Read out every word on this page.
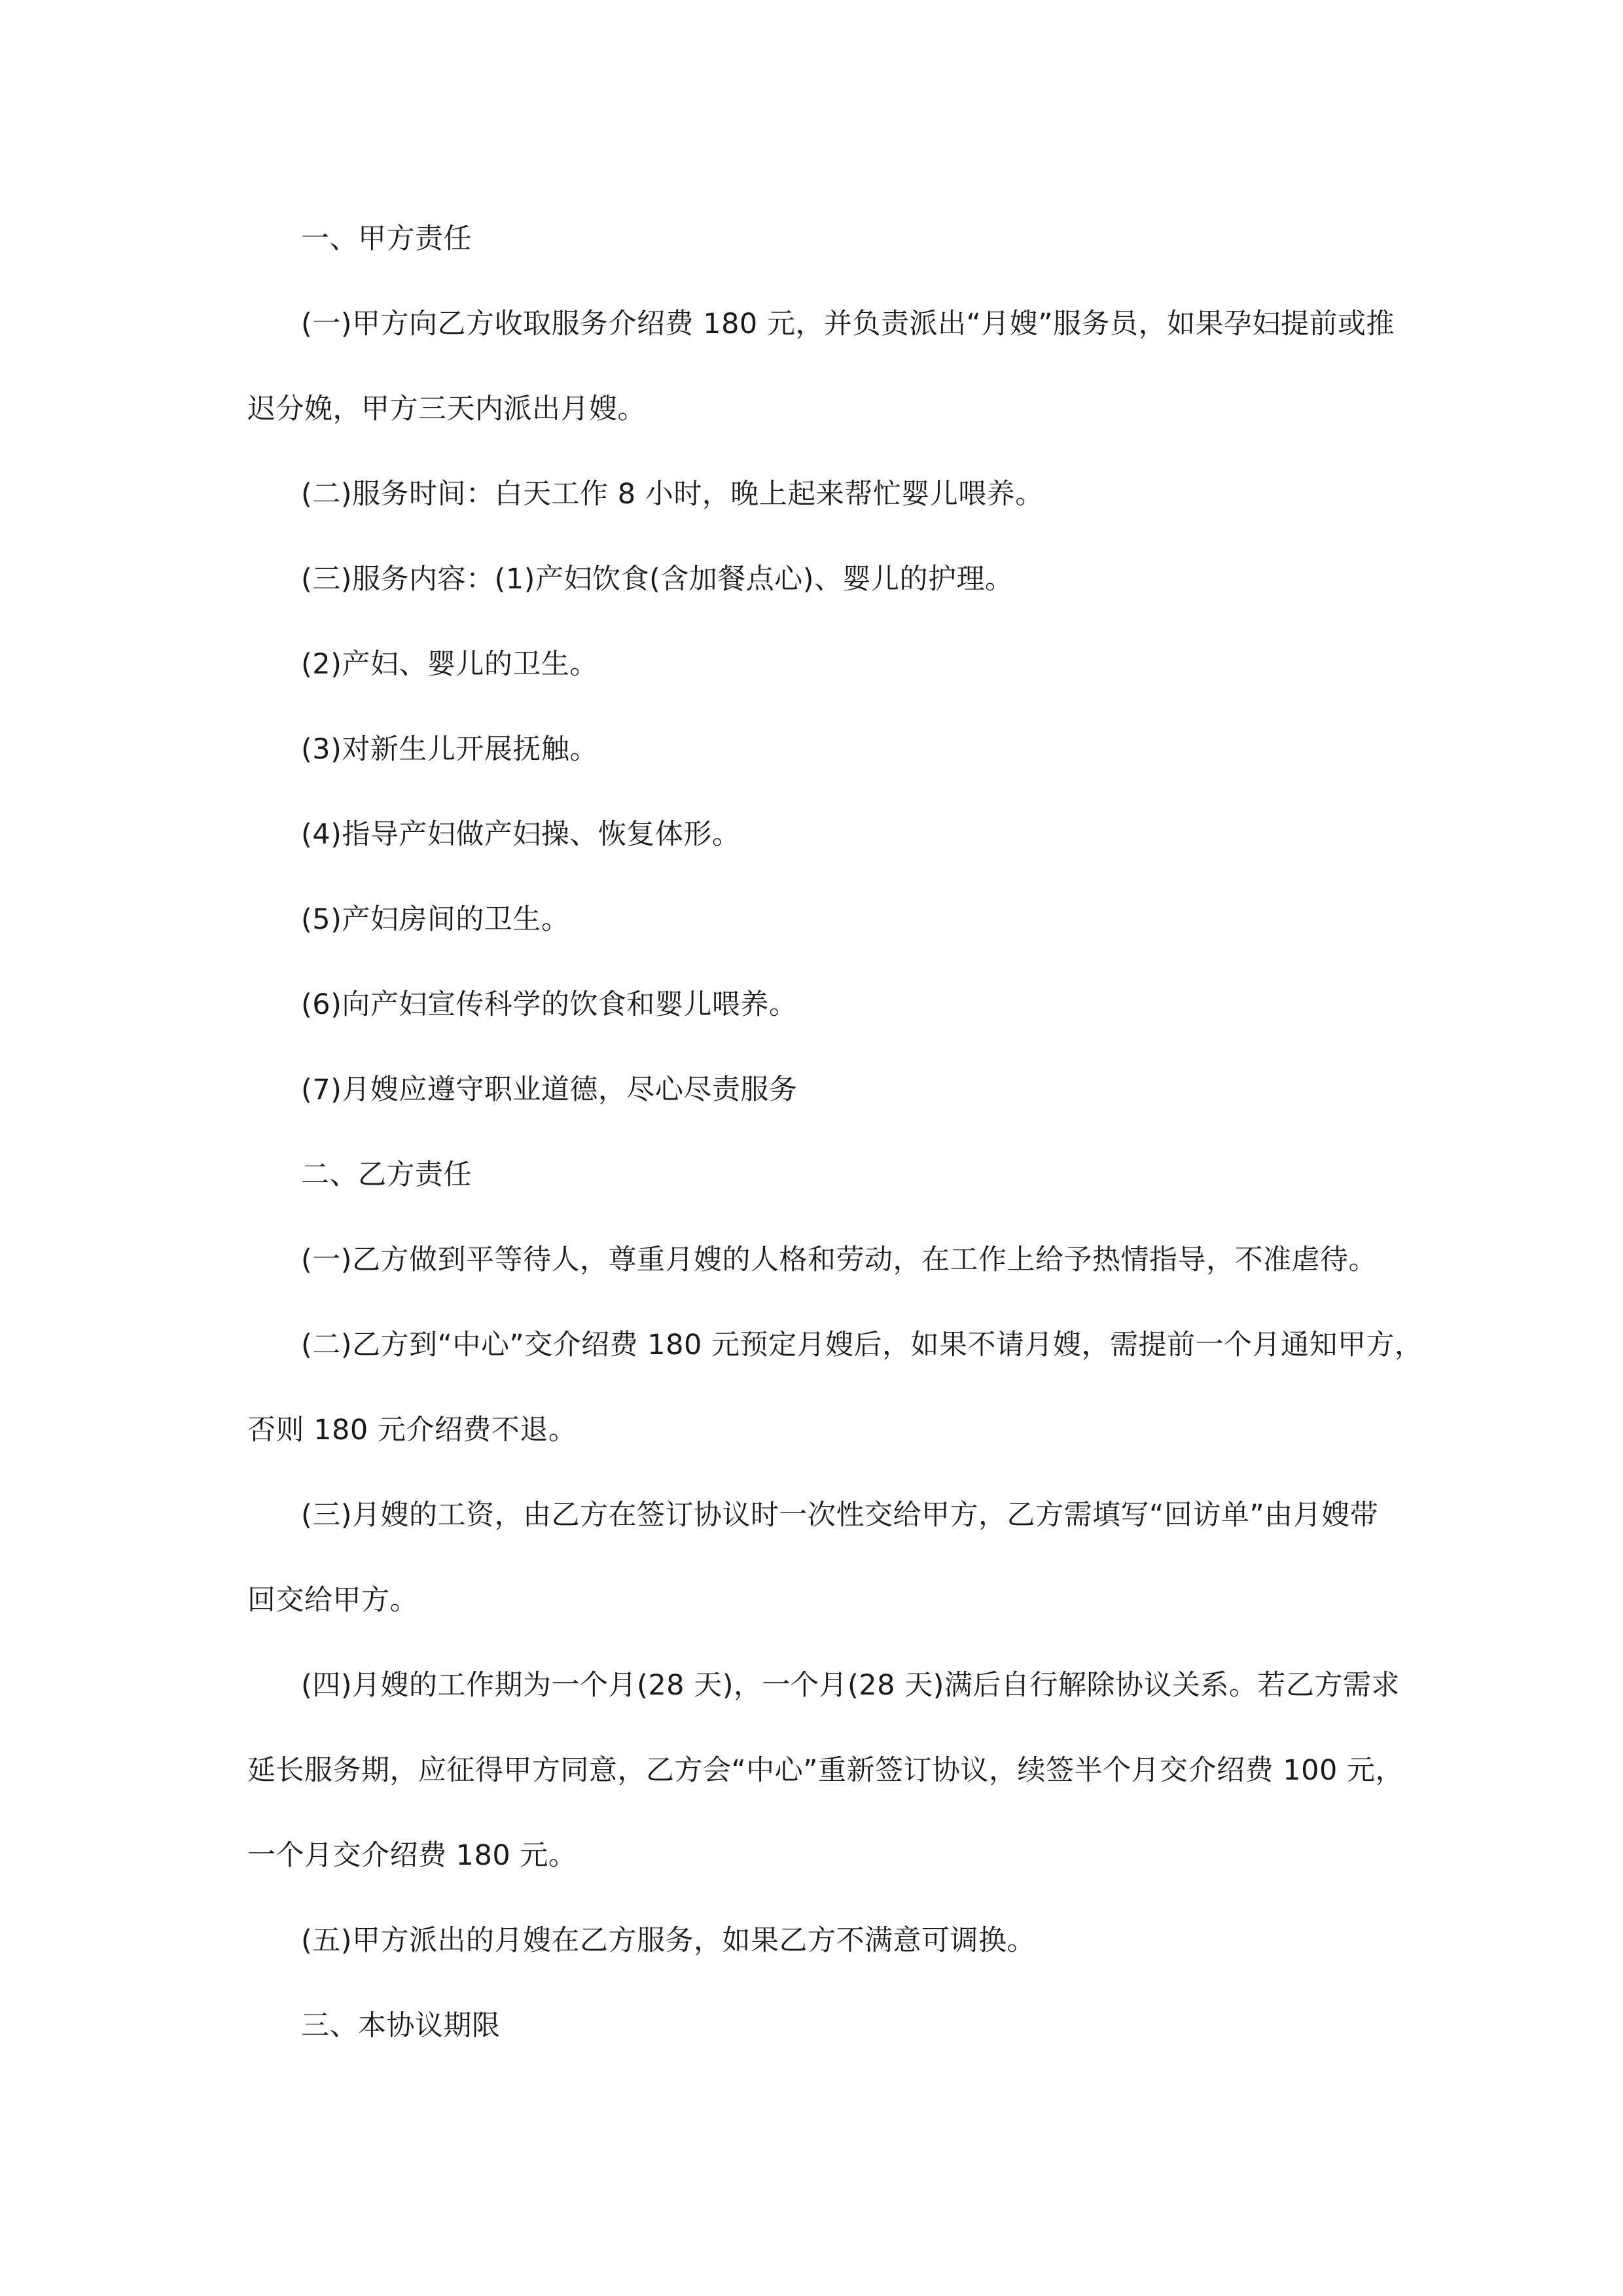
一、甲方责任
(一)甲方向乙方收取服务介绍费 180 元，并负责派出“月嫂”服务员，如果孕妇提前或推
迟分娩，甲方三天内派出月嫂。
(二)服务时间：白天工作 8 小时，晚上起来帮忙婴儿喂养。
(三)服务内容：(1)产妇饮食(含加餐点心)、婴儿的护理。
(2)产妇、婴儿的卫生。
(3)对新生儿开展抚触。
(4)指导产妇做产妇操、恢复体形。
(5)产妇房间的卫生。
(6)向产妇宣传科学的饮食和婴儿喂养。
(7)月嫂应遵守职业道德，尽心尽责服务
二、乙方责任
(一)乙方做到平等待人，尊重月嫂的人格和劳动，在工作上给予热情指导，不准虐待。
(二)乙方到“中心”交介绍费 180 元预定月嫂后，如果不请月嫂，需提前一个月通知甲方，
否则 180 元介绍费不退。
(三)月嫂的工资，由乙方在签订协议时一次性交给甲方，乙方需填写“回访单”由月嫂带
回交给甲方。
(四)月嫂的工作期为一个月(28 天)，一个月(28 天)满后自行解除协议关系。若乙方需求
延长服务期，应征得甲方同意，乙方会“中心”重新签订协议，续签半个月交介绍费 100 元，
一个月交介绍费 180 元。
(五)甲方派出的月嫂在乙方服务，如果乙方不满意可调换。
三、本协议期限
